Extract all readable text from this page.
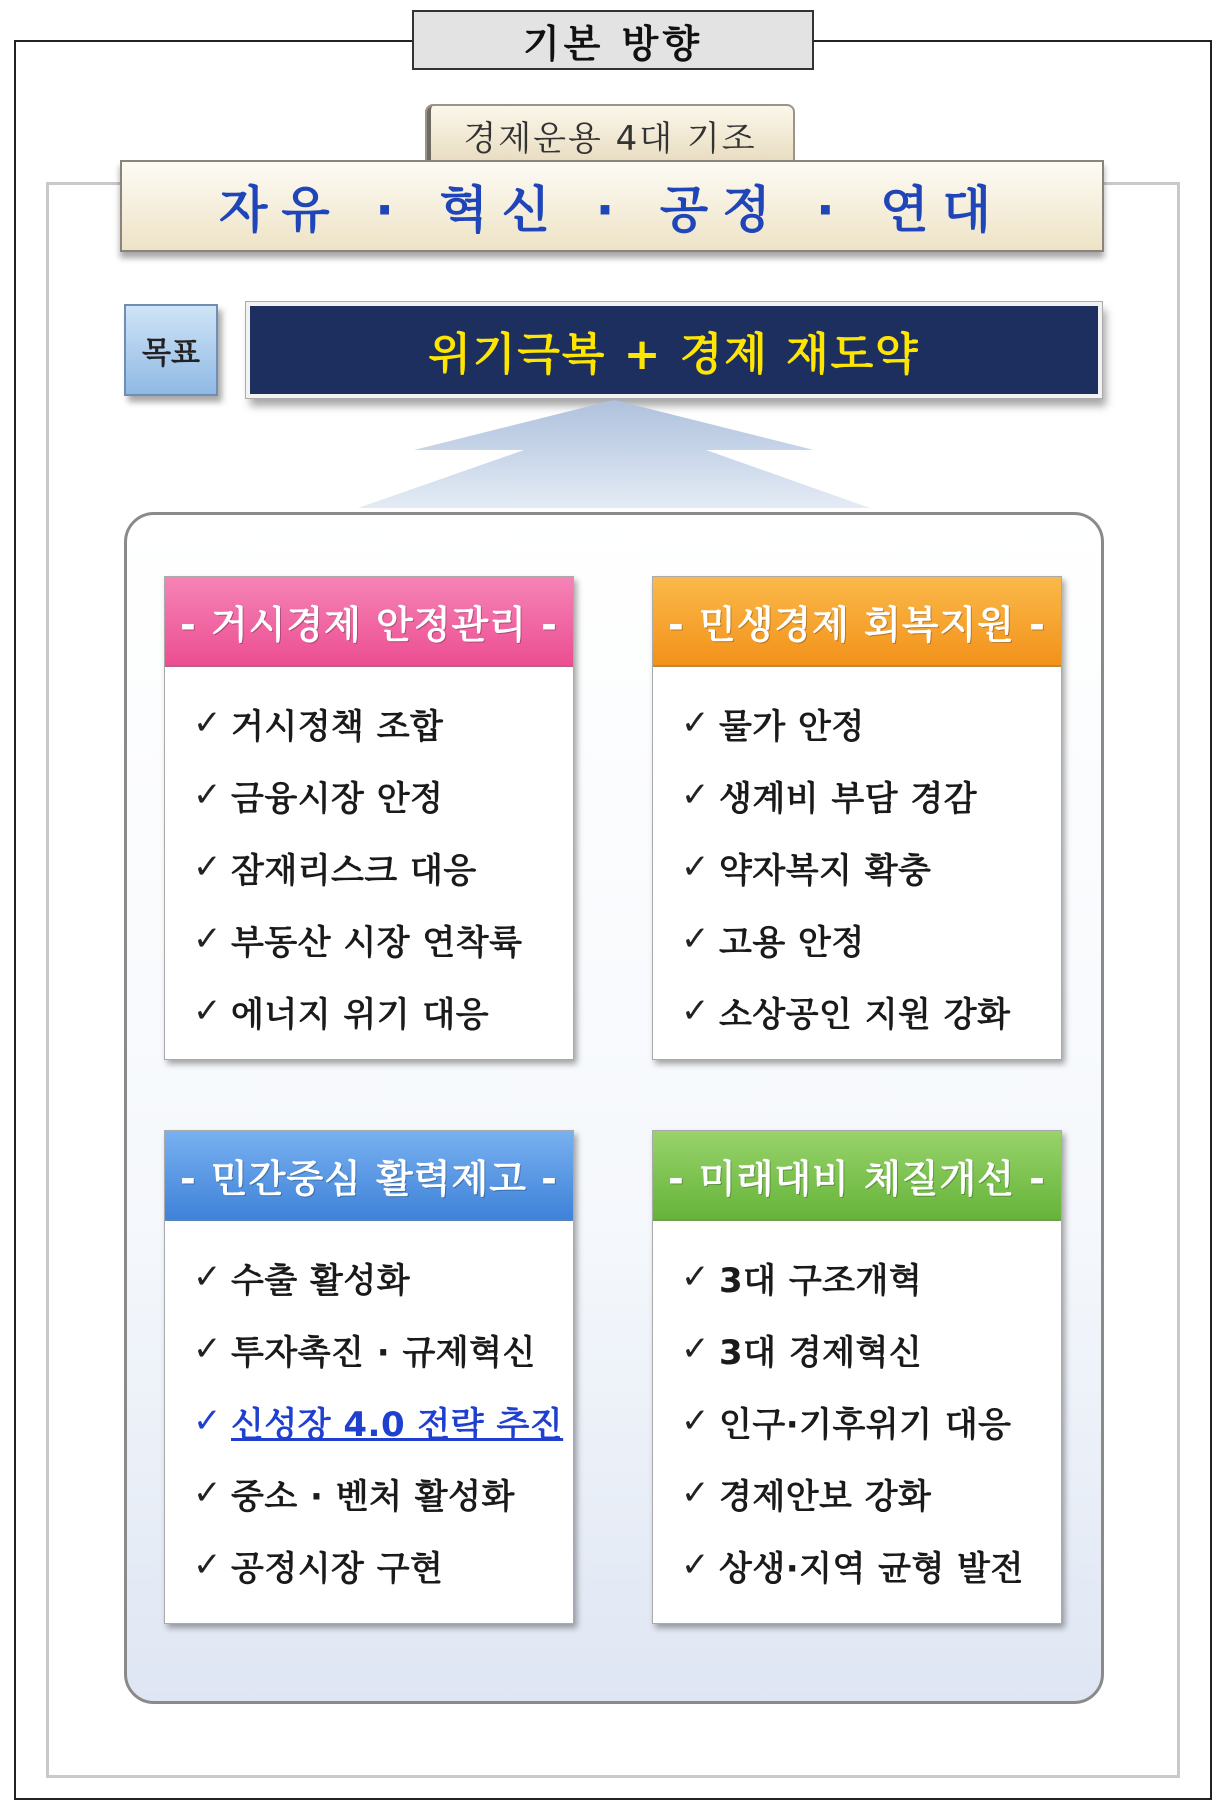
기본 방향
경제운용 4대 기조
자유 · 혁신 · 공정 · 연대
목표	위기극복 + 경제 재도약
- 거시경제 안정관리 -
✓ 거시정책 조합
✓ 금융시장 안정
✓ 잠재리스크 대응
✓ 부동산 시장 연착륙
✓ 에너지 위기 대응
- 민생경제 회복지원 -
✓ 물가 안정
✓ 생계비 부담 경감
✓ 약자복지 확충
✓ 고용 안정
✓ 소상공인 지원 강화
- 민간중심 활력제고 -
✓ 수출 활성화
✓ 투자촉진 · 규제혁신
✓ 신성장 4.0 전략 추진
✓ 중소 · 벤처 활성화
✓ 공정시장 구현
- 미래대비 체질개선 -
✓ 3대 구조개혁
✓ 3대 경제혁신
✓ 인구·기후위기 대응
✓ 경제안보 강화
✓ 상생·지역 균형 발전
